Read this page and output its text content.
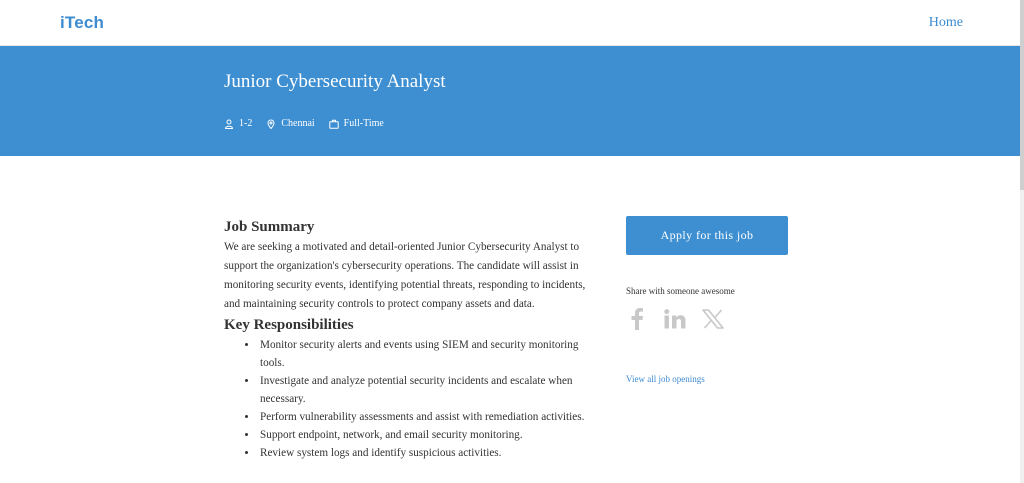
iTech	Home
Junior Cybersecurity Analyst
1-2	Chennai	Full-Time
Job Summary

We are seeking a motivated and detail-oriented Junior Cybersecurity Analyst to support the organization's cybersecurity operations. The candidate will assist in monitoring security events, identifying potential threats, responding to incidents, and maintaining security controls to protect company assets and data.

Key Responsibilities
• Monitor security alerts and events using SIEM and security monitoring tools.
• Investigate and analyze potential security incidents and escalate when necessary.
• Perform vulnerability assessments and assist with remediation activities.
• Support endpoint, network, and email security monitoring.
• Review system logs and identify suspicious activities.
Apply for this job
Share with someone awesome
View all job openings
